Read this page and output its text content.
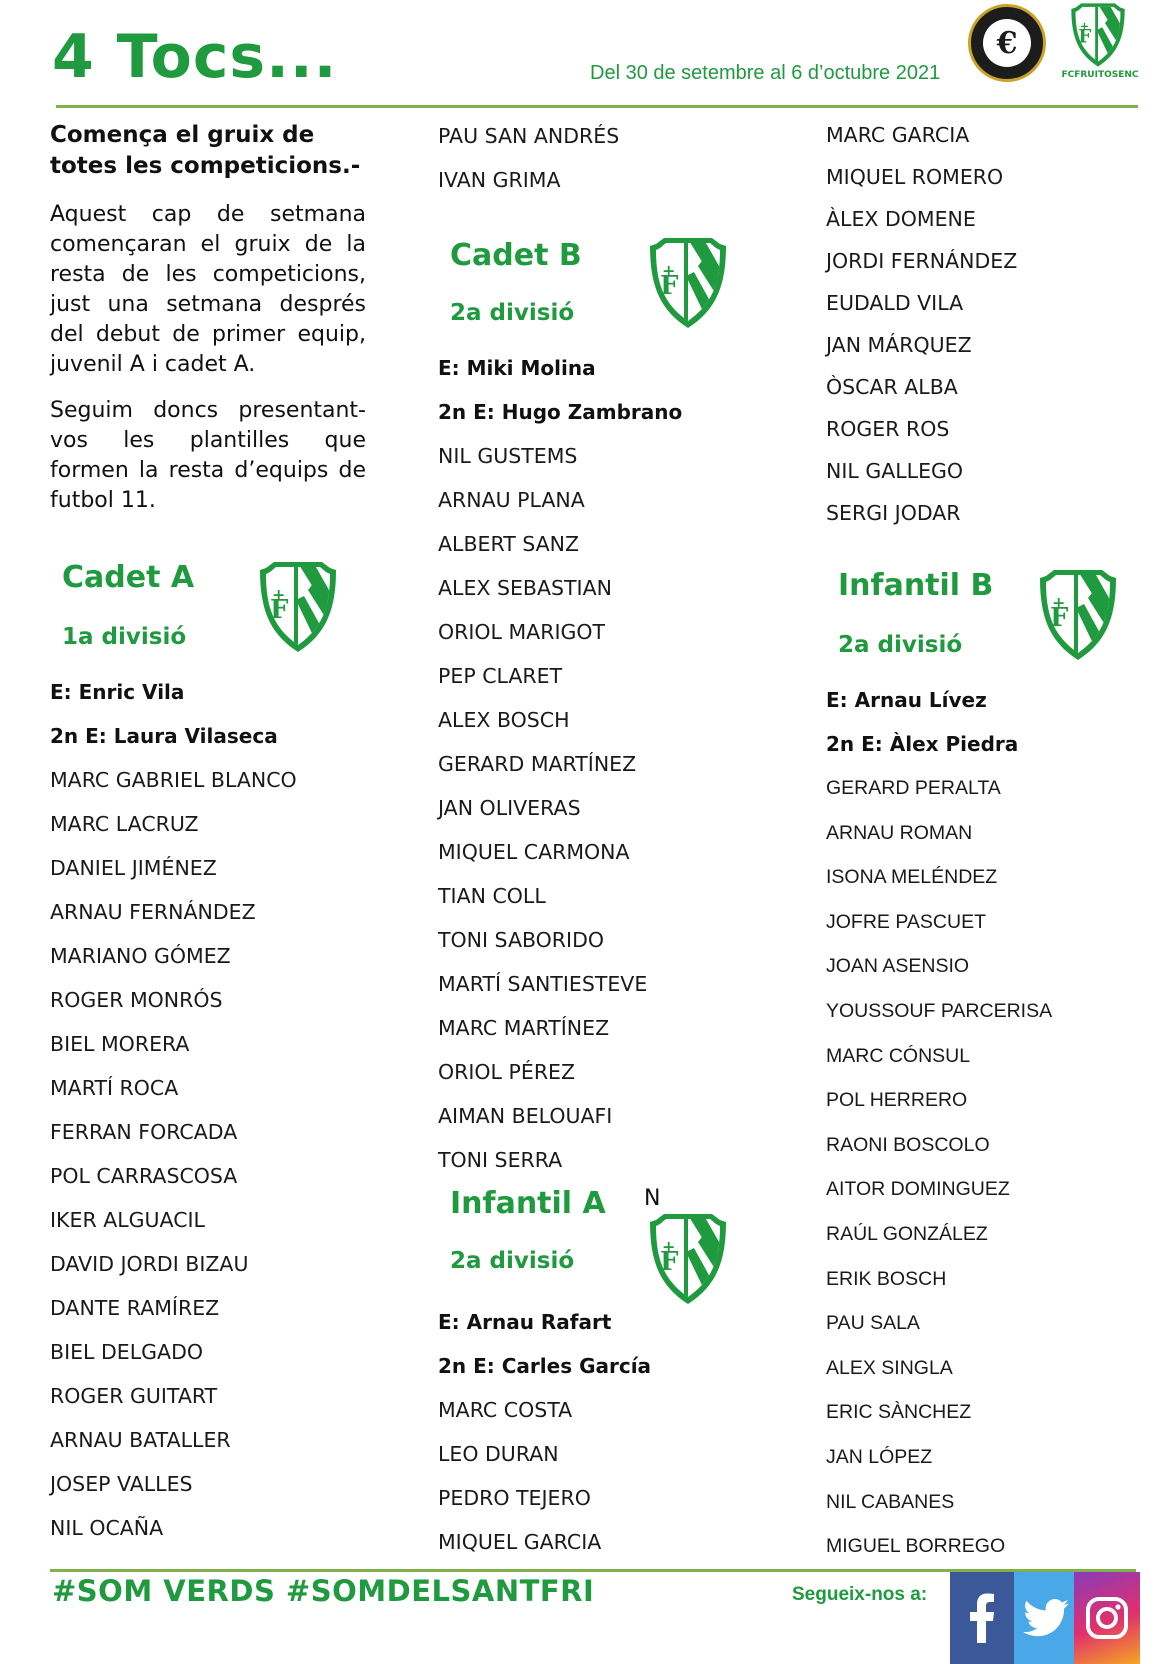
4 Tocs...	Del 30 de setembre al 6 d’octubre 2021
€
FCFRUITOSENC
Comença el gruix de totes les competicions.-

Aquest cap de setmana començaran el gruix de la resta de les competicions, just una setmana després del debut de primer equip, juvenil A i cadet A.

Seguim doncs presentant-vos les plantilles que formen la resta d’equips de futbol 11.

Cadet A
1a divisió
E: Enric Vila
2n E: Laura Vilaseca
MARC GABRIEL BLANCO
MARC LACRUZ
DANIEL JIMÉNEZ
ARNAU FERNÁNDEZ
MARIANO GÓMEZ
ROGER MONRÓS
BIEL MORERA
MARTÍ ROCA
FERRAN FORCADA
POL CARRASCOSA
IKER ALGUACIL
DAVID JORDI BIZAU
DANTE RAMÍREZ
BIEL DELGADO
ROGER GUITART
ARNAU BATALLER
JOSEP VALLES
NIL OCAÑA
PAU SAN ANDRÉS
IVAN GRIMA
Cadet B
2a divisió
E: Miki Molina
2n E: Hugo Zambrano
NIL GUSTEMS
ARNAU PLANA
ALBERT SANZ
ALEX SEBASTIAN
ORIOL MARIGOT
PEP CLARET
ALEX BOSCH
GERARD MARTÍNEZ
JAN OLIVERAS
MIQUEL CARMONA
TIAN COLL
TONI SABORIDO
MARTÍ SANTIESTEVE
MARC MARTÍNEZ
ORIOL PÉREZ
AIMAN BELOUAFI
TONI SERRA
Infantil A N
2a divisió
E: Arnau Rafart
2n E: Carles García
MARC COSTA
LEO DURAN
PEDRO TEJERO
MIQUEL GARCIA
MARC GARCIA
MIQUEL ROMERO
ÀLEX DOMENE
JORDI FERNÁNDEZ
EUDALD VILA
JAN MÁRQUEZ
ÒSCAR ALBA
ROGER ROS
NIL GALLEGO
SERGI JODAR
Infantil B
2a divisió
E: Arnau Lívez
2n E: Àlex Piedra
GERARD PERALTA
ARNAU ROMAN
ISONA MELÉNDEZ
JOFRE PASCUET
JOAN ASENSIO
YOUSSOUF PARCERISA
MARC CÓNSUL
POL HERRERO
RAONI BOSCOLO
AITOR DOMINGUEZ
RAÚL GONZÁLEZ
ERIK BOSCH
PAU SALA
ALEX SINGLA
ERIC SÀNCHEZ
JAN LÓPEZ
NIL CABANES
MIGUEL BORREGO
#SOM VERDS #SOMDELSANTFRI	Segueix-nos a:
